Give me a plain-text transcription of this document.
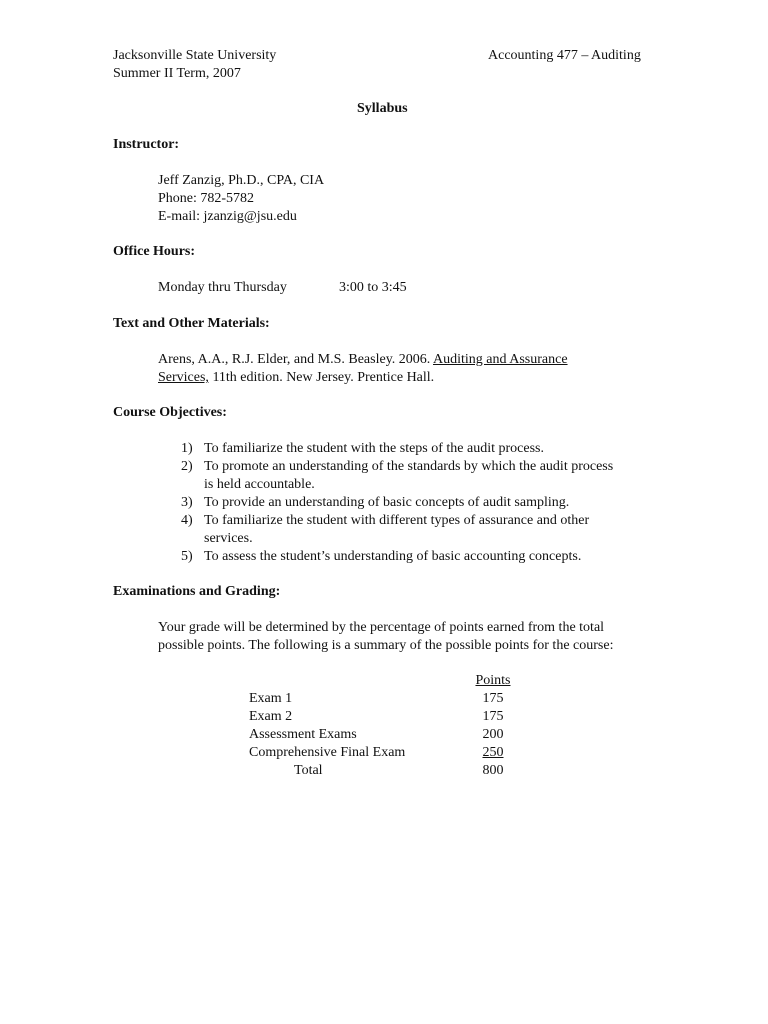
Jacksonville State University
Summer II Term, 2007
Accounting 477 – Auditing
Syllabus
Instructor:
Jeff Zanzig, Ph.D., CPA, CIA
Phone: 782-5782
E-mail: jzanzig@jsu.edu
Office Hours:
Monday thru Thursday	3:00 to 3:45
Text and Other Materials:
Arens, A.A., R.J. Elder, and M.S. Beasley. 2006. Auditing and Assurance
Services, 11th edition. New Jersey. Prentice Hall.
Course Objectives:
1) To familiarize the student with the steps of the audit process.
2) To promote an understanding of the standards by which the audit process
is held accountable.
3) To provide an understanding of basic concepts of audit sampling.
4) To familiarize the student with different types of assurance and other
services.
5) To assess the student’s understanding of basic accounting concepts.
Examinations and Grading:
Your grade will be determined by the percentage of points earned from the total
possible points. The following is a summary of the possible points for the course:
Points
Exam 1	175
Exam 2	175
Assessment Exams	200
Comprehensive Final Exam	250
Total	800
